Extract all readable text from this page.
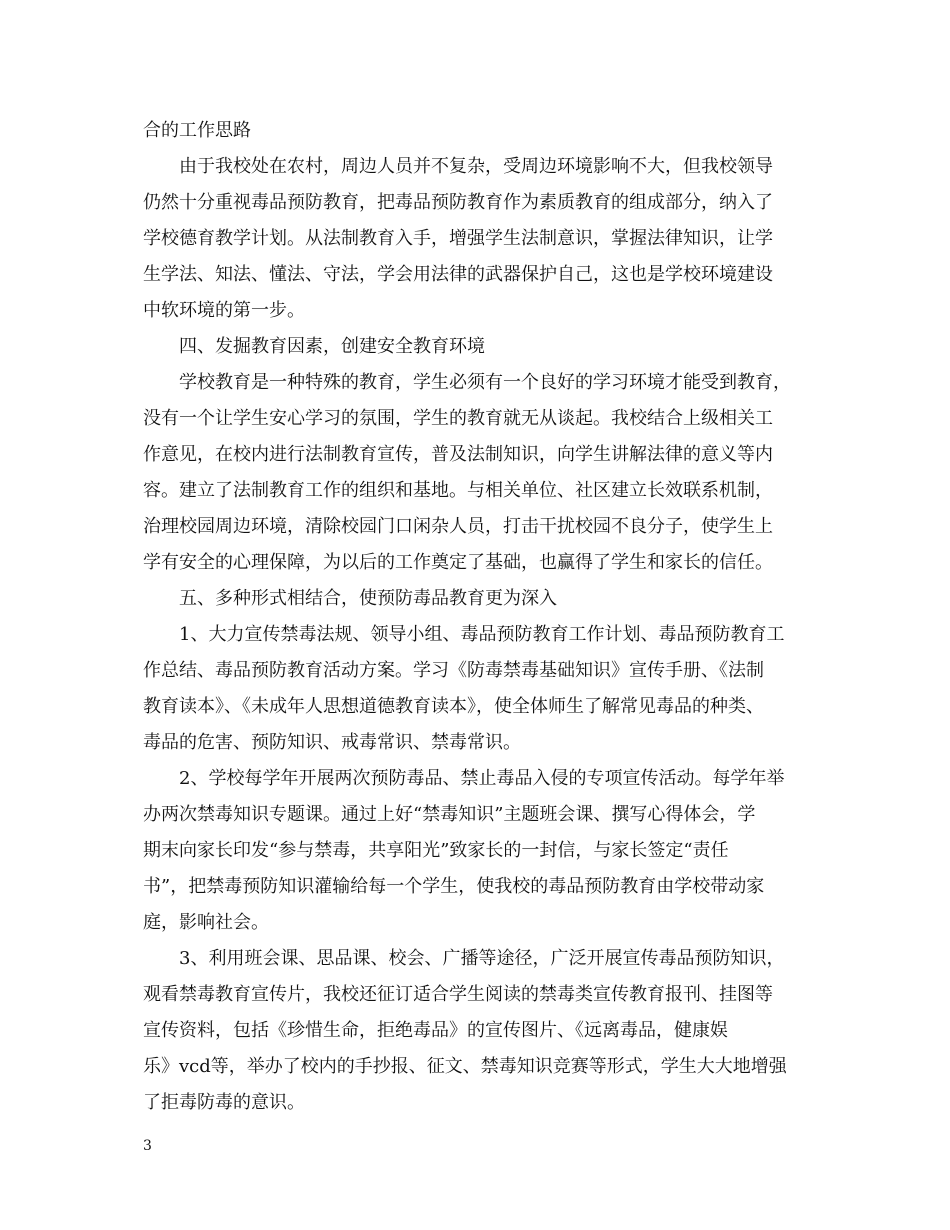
合的工作思路
　　由于我校处在农村，周边人员并不复杂，受周边环境影响不大，但我校领导
仍然十分重视毒品预防教育，把毒品预防教育作为素质教育的组成部分，纳入了
学校德育教学计划。从法制教育入手，增强学生法制意识，掌握法律知识，让学
生学法、知法、懂法、守法，学会用法律的武器保护自己，这也是学校环境建设
中软环境的第一步。
　　四、发掘教育因素，创建安全教育环境
　　学校教育是一种特殊的教育，学生必须有一个良好的学习环境才能受到教育，
没有一个让学生安心学习的氛围，学生的教育就无从谈起。我校结合上级相关工
作意见，在校内进行法制教育宣传，普及法制知识，向学生讲解法律的意义等内
容。建立了法制教育工作的组织和基地。与相关单位、社区建立长效联系机制，
治理校园周边环境，清除校园门口闲杂人员，打击干扰校园不良分子，使学生上
学有安全的心理保障，为以后的工作奠定了基础，也赢得了学生和家长的信任。
　　五、多种形式相结合，使预防毒品教育更为深入
　　1、大力宣传禁毒法规、领导小组、毒品预防教育工作计划、毒品预防教育工
作总结、毒品预防教育活动方案。学习《防毒禁毒基础知识》宣传手册、《法制
教育读本》、《未成年人思想道德教育读本》，使全体师生了解常见毒品的种类、
毒品的危害、预防知识、戒毒常识、禁毒常识。
　　2、学校每学年开展两次预防毒品、禁止毒品入侵的专项宣传活动。每学年举
办两次禁毒知识专题课。通过上好“禁毒知识”主题班会课、撰写心得体会，学
期末向家长印发“参与禁毒，共享阳光”致家长的一封信，与家长签定“责任
书”，把禁毒预防知识灌输给每一个学生，使我校的毒品预防教育由学校带动家
庭，影响社会。
　　3、利用班会课、思品课、校会、广播等途径，广泛开展宣传毒品预防知识，
观看禁毒教育宣传片，我校还征订适合学生阅读的禁毒类宣传教育报刊、挂图等
宣传资料，包括《珍惜生命，拒绝毒品》的宣传图片、《远离毒品，健康娱
乐》vcd等，举办了校内的手抄报、征文、禁毒知识竞赛等形式，学生大大地增强
了拒毒防毒的意识。
3
